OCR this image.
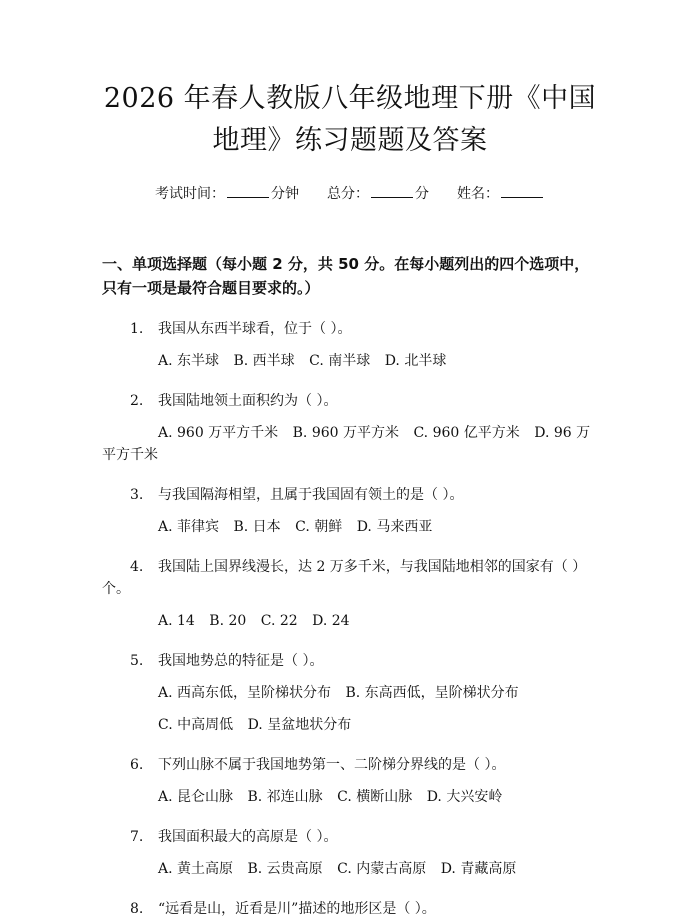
2026 年春人教版八年级地理下册《中国地理》练习题题及答案
考试时间：	分钟 总分：	分 姓名：
一、单项选择题（每小题 2 分，共 50 分。在每小题列出的四个选项中，只有一项是最符合题目要求的。）

1. 我国从东西半球看，位于（ ）。

A. 东半球 B. 西半球 C. 南半球 D. 北半球

2. 我国陆地领土面积约为（ ）。

A. 960 万平方千米 B. 960 万平方米 C. 960 亿平方米 D. 96 万平方千米

3. 与我国隔海相望，且属于我国固有领土的是（ ）。

A. 菲律宾 B. 日本 C. 朝鲜 D. 马来西亚

4. 我国陆上国界线漫长，达 2 万多千米，与我国陆地相邻的国家有（ ）个。

A. 14 B. 20 C. 22 D. 24

5. 我国地势总的特征是（ ）。

A. 西高东低，呈阶梯状分布 B. 东高西低，呈阶梯状分布
C. 中高周低 D. 呈盆地状分布

6. 下列山脉不属于我国地势第一、二阶梯分界线的是（ ）。

A. 昆仑山脉 B. 祁连山脉 C. 横断山脉 D. 大兴安岭

7. 我国面积最大的高原是（ ）。

A. 黄土高原 B. 云贵高原 C. 内蒙古高原 D. 青藏高原

8. “远看是山，近看是川”描述的地形区是（ ）。
